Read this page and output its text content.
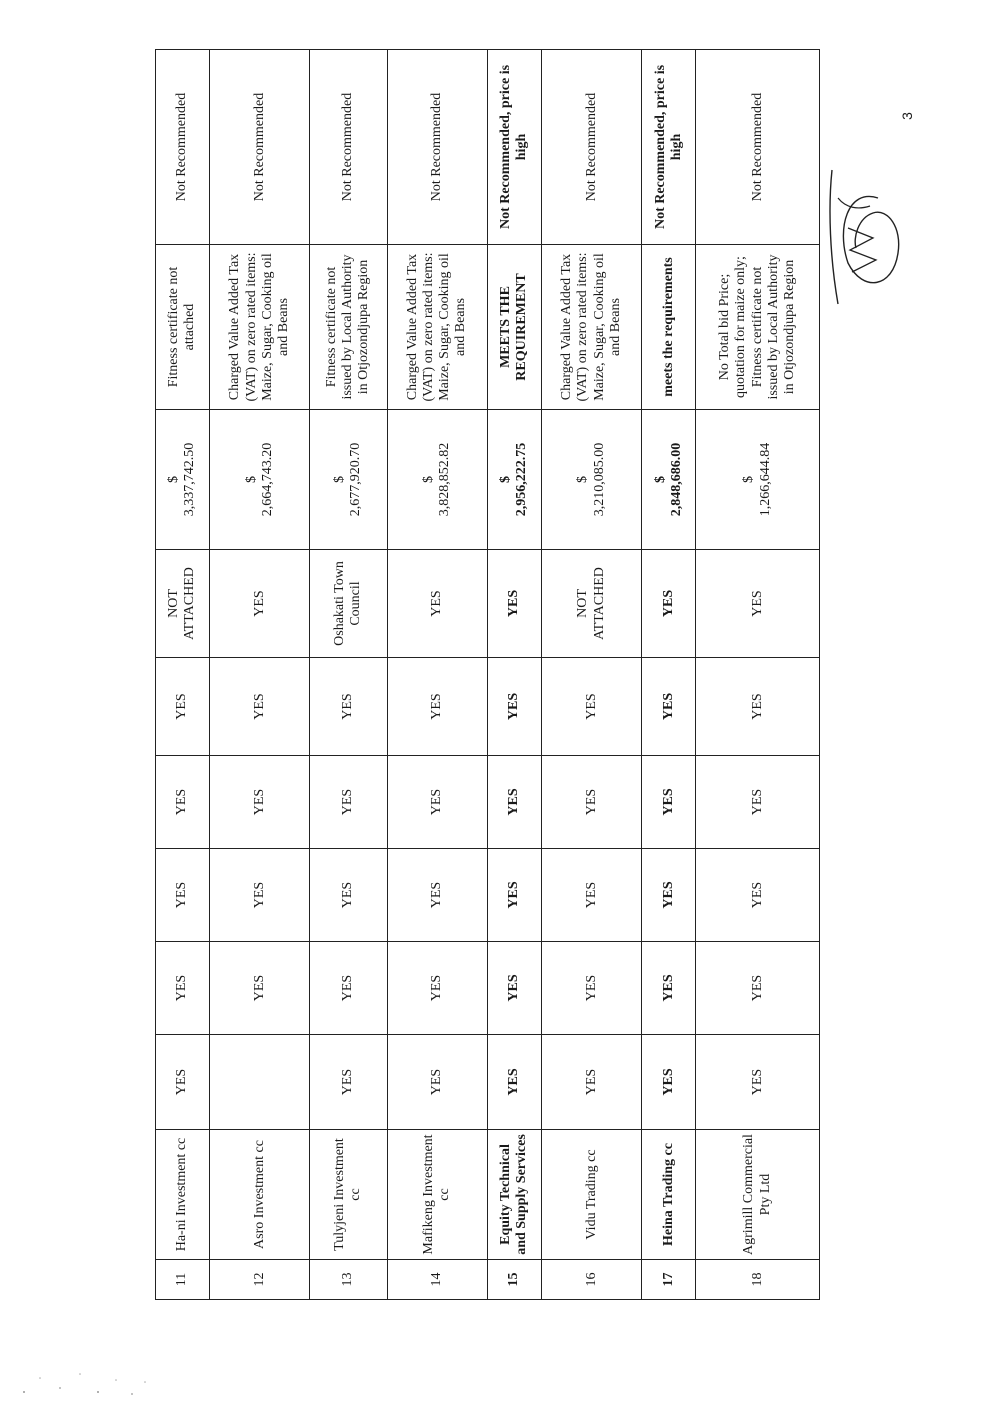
11	Ha-ni Investment cc	YES	YES	YES	YES	YES	NOT ATTACHED	$ 3,337,742.50	Fitness certificate not attached	Not Recommended
12	Asro Investment cc		YES	YES	YES	YES	YES	$ 2,664,743.20	Charged Value Added Tax (VAT) on zero rated items: Maize, Sugar, Cooking oil and Beans	Not Recommended
13	Tulyjeni Investment cc	YES	YES	YES	YES	YES	Oshakati Town Council	$ 2,677,920.70	Fitness certificate not issued by Local Authority in Otjozondjupa Region	Not Recommended
14	Mafikeng Investment cc	YES	YES	YES	YES	YES	YES	$ 3,828,852.82	Charged Value Added Tax (VAT) on zero rated items: Maize, Sugar, Cooking oil and Beans	Not Recommended
15	Equity Technical and Supply Services	YES	YES	YES	YES	YES	YES	$ 2,956,222.75	MEETS THE REQUIREMENT	Not Recommended, price is high
16	Vidu Trading cc	YES	YES	YES	YES	YES	NOT ATTACHED	$ 3,210,085.00	Charged Value Added Tax (VAT) on zero rated items: Maize, Sugar, Cooking oil and Beans	Not Recommended
17	Heina Trading cc	YES	YES	YES	YES	YES	YES	$ 2,848,686.00	meets the requirements	Not Recommended, price is high
18	Agrimill Commercial Pty Ltd	YES	YES	YES	YES	YES	YES	$ 1,266,644.84	No Total bid Price; quotation for maize only; Fitness certificate not issued by Local Authority in Otjozondjupa Region	Not Recommended	3
